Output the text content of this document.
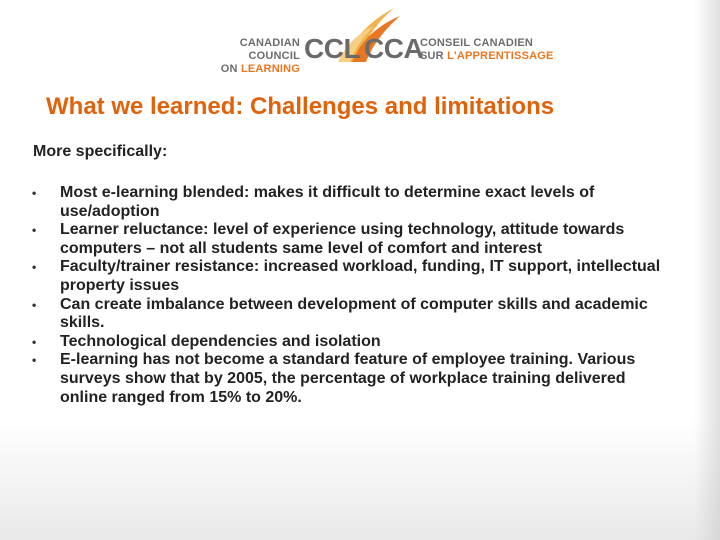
CANADIAN COUNCIL
ON LEARNING
CCL CCA
CONSEIL CANADIEN
SUR L'APPRENTISSAGE
What we learned: Challenges and limitations

More specifically:

• Most e-learning blended: makes it difficult to determine exact levels of use/adoption
• Learner reluctance: level of experience using technology, attitude towards computers – not all students same level of comfort and interest
• Faculty/trainer resistance: increased workload, funding, IT support, intellectual property issues
• Can create imbalance between development of computer skills and academic skills.
• Technological dependencies and isolation
• E-learning has not become a standard feature of employee training. Various surveys show that by 2005, the percentage of workplace training delivered online ranged from 15% to 20%.
